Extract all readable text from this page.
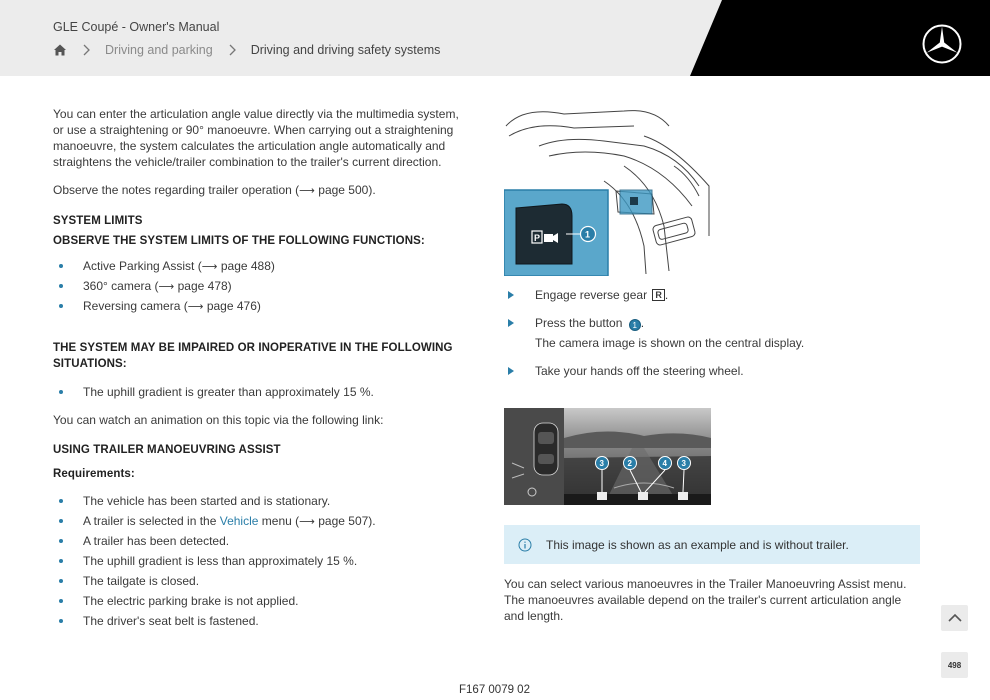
GLE Coupé - Owner's Manual
Driving and parking	Driving and driving safety systems

You can enter the articulation angle value directly via the multimedia system, or use a straightening or 90° manoeuvre. When carrying out a straightening manoeuvre, the system calculates the articulation angle automatically and straightens the vehicle/trailer combination to the trailer's current direction.

Observe the notes regarding trailer operation (⟶ page 500).

SYSTEM LIMITS
OBSERVE THE SYSTEM LIMITS OF THE FOLLOWING FUNCTIONS:
Active Parking Assist (⟶ page 488)
360° camera (⟶ page 478)
Reversing camera (⟶ page 476)
THE SYSTEM MAY BE IMPAIRED OR INOPERATIVE IN THE FOLLOWING SITUATIONS:
The uphill gradient is greater than approximately 15 %.

You can watch an animation on this topic via the following link:

USING TRAILER MANOEUVRING ASSIST
Requirements:
The vehicle has been started and is stationary.
A trailer is selected in the Vehicle menu (⟶ page 507).
A trailer has been detected.
The uphill gradient is less than approximately 15 %.
The tailgate is closed.
The electric parking brake is not applied.
The driver's seat belt is fastened.
P	1
Engage reverse gear R .
Press the button 1 .
The camera image is shown on the central display.
Take your hands off the steering wheel.
3	2	4 3
This image is shown as an example and is without trailer.
You can select various manoeuvres in the Trailer Manoeuvring Assist menu. The manoeuvres available depend on the trailer's current articulation angle and length.
F167 0079 02
498
